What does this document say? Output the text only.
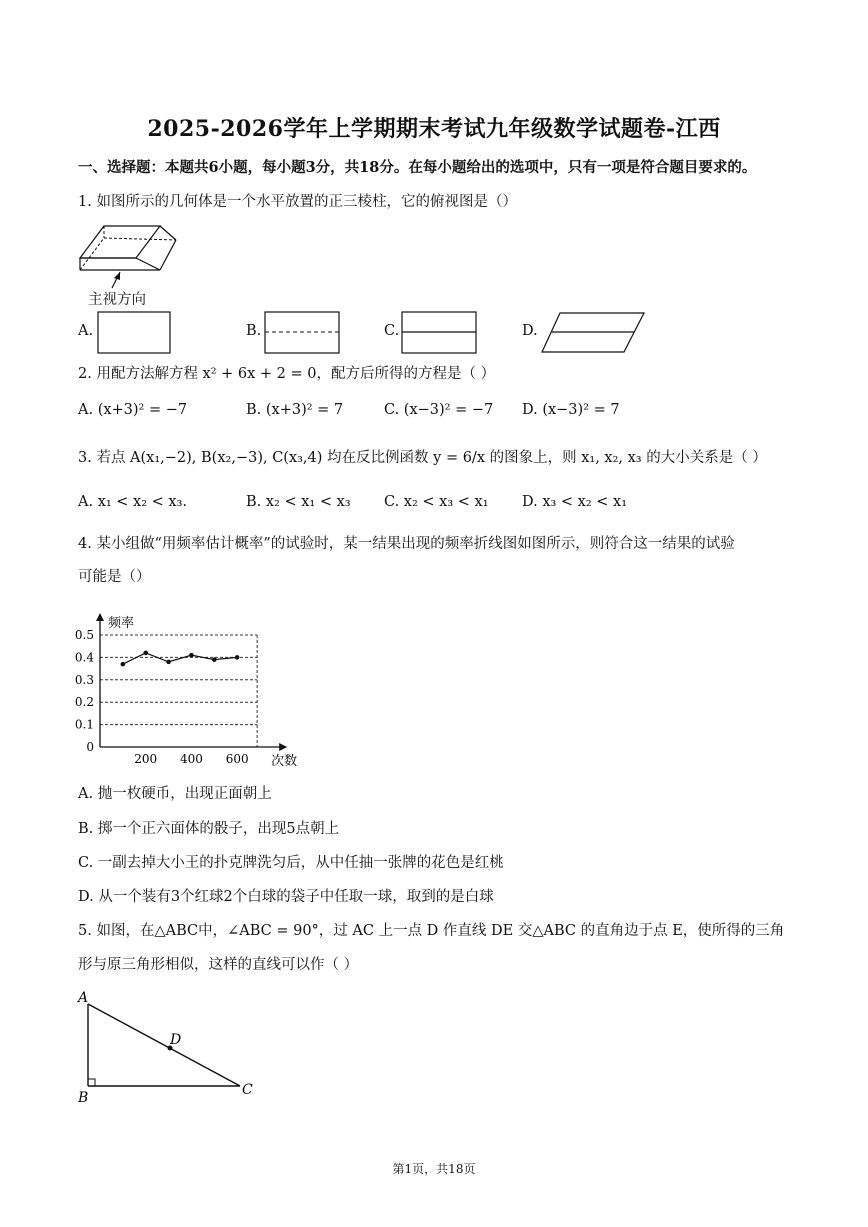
2025-2026学年上学期期末考试九年级数学试题卷-江西
一、选择题：本题共6小题，每小题3分，共18分。在每小题给出的选项中，只有一项是符合题目要求的。
1. 如图所示的几何体是一个水平放置的正三棱柱，它的俯视图是（）
主视方向
A.	B.	C.	D.
2. 用配方法解方程 x² + 6x + 2 = 0，配方后所得的方程是（ ）
A. (x+3)² = −7	B. (x+3)² = 7	C. (x−3)² = −7 D. (x−3)² = 7
3. 若点 A(x₁,−2), B(x₂,−3), C(x₃,4) 均在反比例函数 y = 6/x 的图象上，则 x₁, x₂, x₃ 的大小关系是（ ）
A. x₁ < x₂ < x₃.	B. x₂ < x₁ < x₃ C. x₂ < x₃ < x₁ D. x₃ < x₂ < x₁
4. 某小组做“用频率估计概率”的试验时，某一结果出现的频率折线图如图所示，则符合这一结果的试验
可能是（）
0
0.1
0.2
0.3
0.4
0.5
200 400 600
频率
次数
A. 抛一枚硬币，出现正面朝上
B. 掷一个正六面体的骰子，出现5点朝上
C. 一副去掉大小王的扑克牌洗匀后，从中任抽一张牌的花色是红桃
D. 从一个装有3个红球2个白球的袋子中任取一球，取到的是白球
5. 如图，在△ABC中，∠ABC = 90°，过 AC 上一点 D 作直线 DE 交△ABC 的直角边于点 E，使所得的三角
形与原三角形相似，这样的直线可以作（ ）
A
B	C
D
第1页，共18页
